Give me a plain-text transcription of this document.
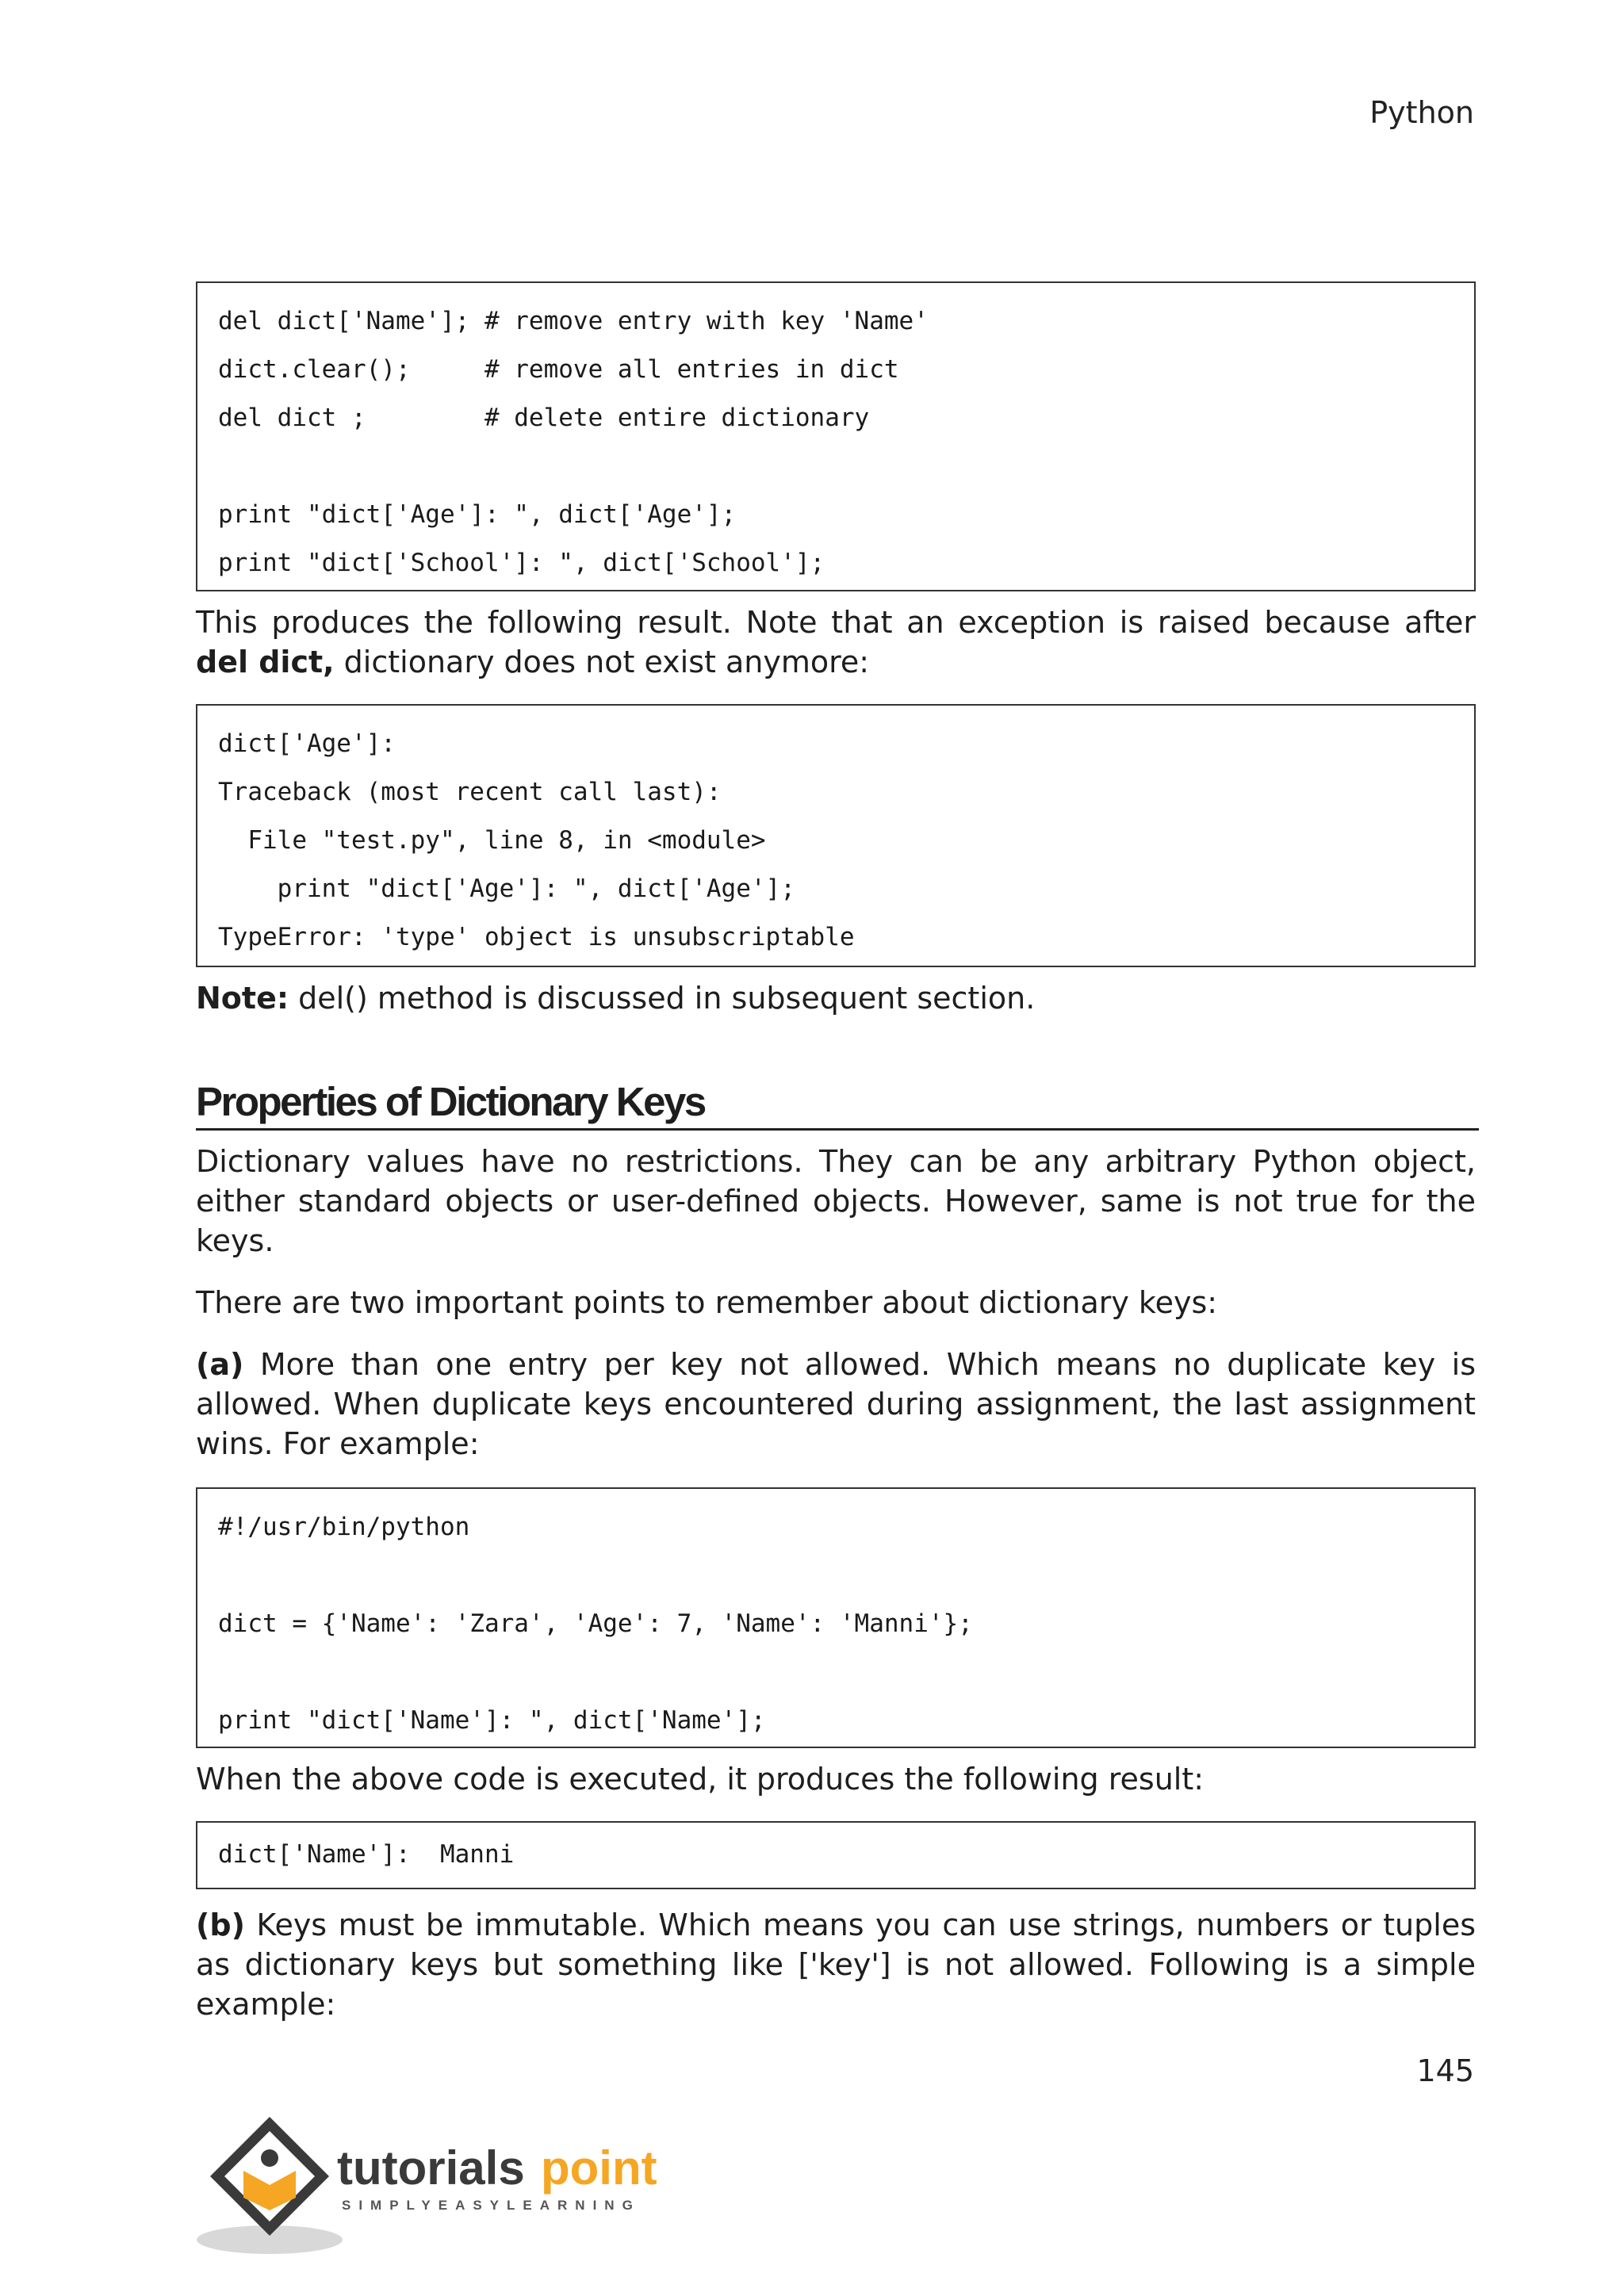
Python
del dict['Name']; # remove entry with key 'Name'
dict.clear();     # remove all entries in dict
del dict ;        # delete entire dictionary
print "dict['Age']: ", dict['Age'];
print "dict['School']: ", dict['School'];

This produces the following result. Note that an exception is raised because after del dict, dictionary does not exist anymore:

dict['Age']:
Traceback (most recent call last):
File "test.py", line 8, in <module>
print "dict['Age']: ", dict['Age'];
TypeError: 'type' object is unsubscriptable

Note: del() method is discussed in subsequent section.

Properties of Dictionary Keys

Dictionary values have no restrictions. They can be any arbitrary Python object, either standard objects or user-defined objects. However, same is not true for the keys.

There are two important points to remember about dictionary keys:

(a) More than one entry per key not allowed. Which means no duplicate key is allowed. When duplicate keys encountered during assignment, the last assignment wins. For example:

#!/usr/bin/python
dict = {'Name': 'Zara', 'Age': 7, 'Name': 'Manni'};
print "dict['Name']: ", dict['Name'];

When the above code is executed, it produces the following result:

dict['Name']:  Manni

(b) Keys must be immutable. Which means you can use strings, numbers or tuples as dictionary keys but something like ['key'] is not allowed. Following is a simple example:

145
tutorials point
SIMPLYEASYLEARNING
